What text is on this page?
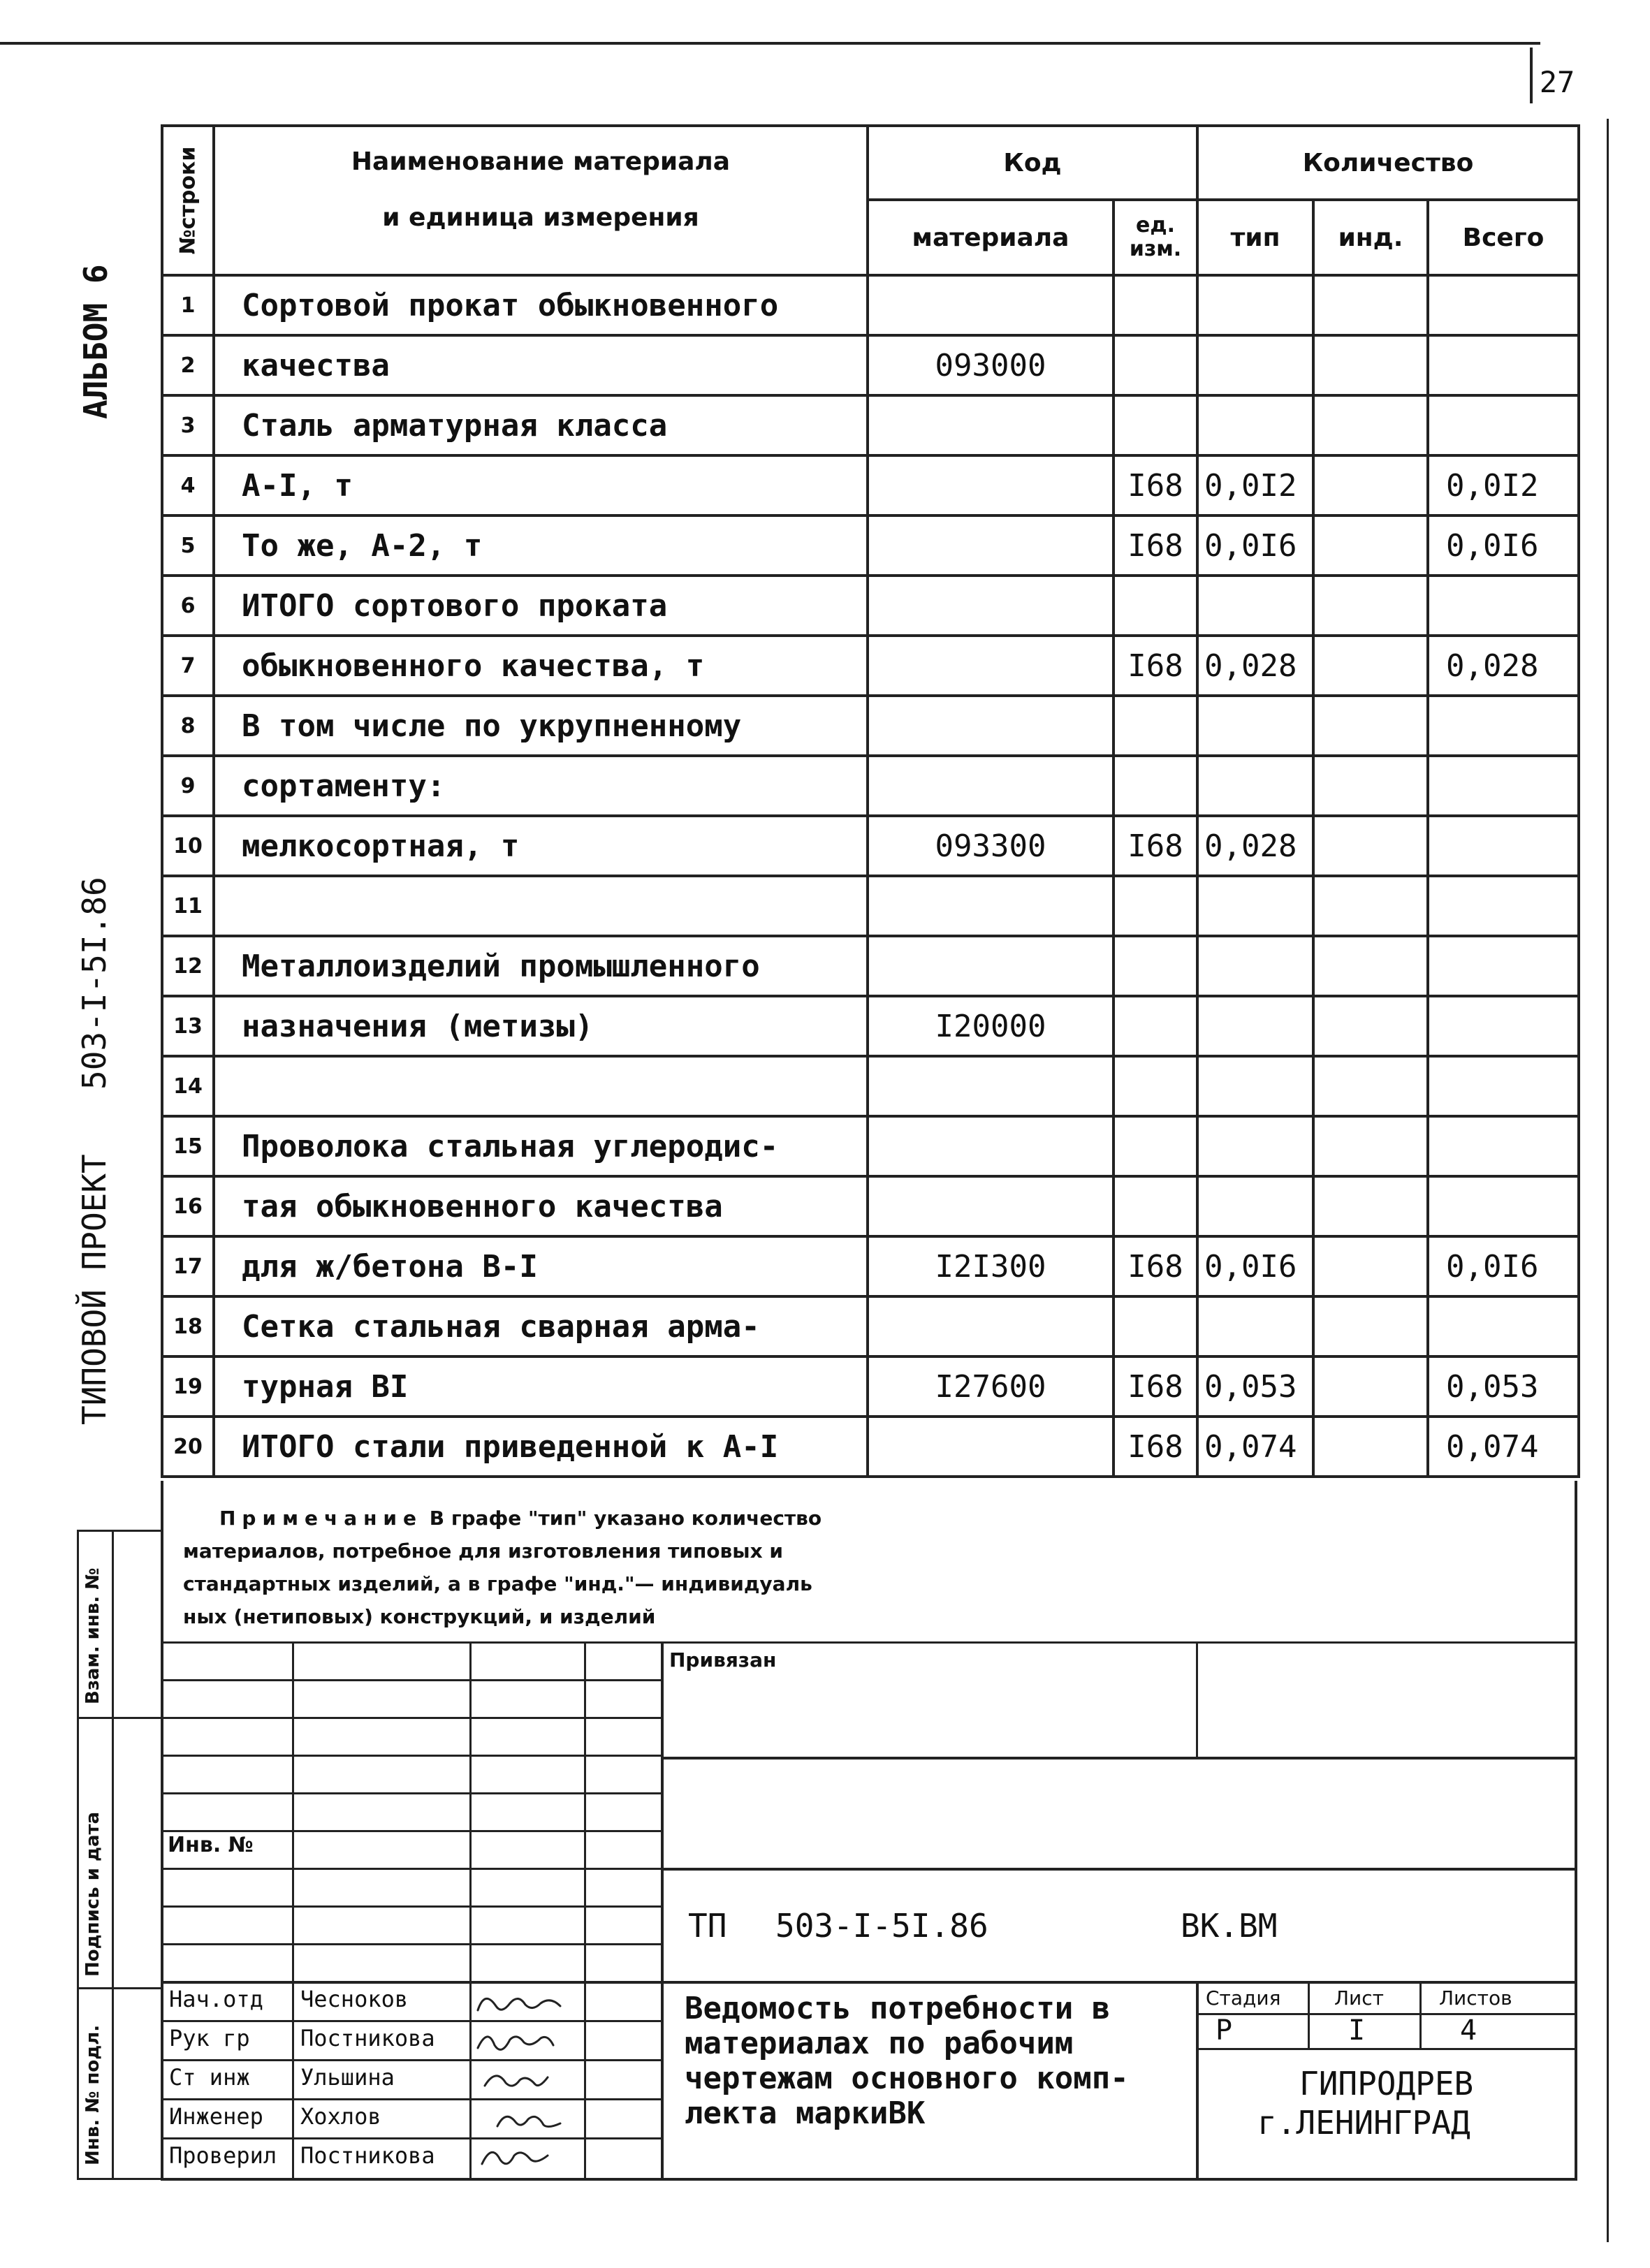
27
АЛЬБОМ 6
503-I-5I.86
ТИПОВОЙ ПРОЕКТ
№строки	Наименование материала
и единица измерения	Код		Количество		
		материала	ед. изм.	тип	инд.	Всего
1	Сортовой прокат обыкновенного					
2	качества	093000				
3	Сталь арматурная класса					
4	А-I, т		I68	0,0I2		0,0I2
5	То же, А-2, т		I68	0,0I6		0,0I6
6	ИТОГО сортового проката					
7	обыкновенного качества, т		I68	0,028		0,028
8	В том числе по укрупненному					
9	сортаменту:					
10	мелкосортная, т	093300	I68	0,028		
11						
12	Металлоизделий промышленного					
13	назначения (метизы)	I20000				
14						
15	Проволока стальная углеродис-					
16	тая обыкновенного качества					
17	для ж/бетона В-I	I2I300	I68	0,0I6		0,0I6
18	Сетка стальная сварная арма-					
19	турная ВI	I27600	I68	0,053		0,053
20	ИТОГО стали приведенной к А-I		I68	0,074		0,074
Примечание В графе "тип" указано количество
материалов, потребное для изготовления типовых и
стандартных изделий, а в графе "инд."— индивидуаль
ных (нетиповых) конструкций, и изделий
Взам. инв. №
Подпись и дата
Инв. № подл.
Инв. №
Нач.отд Чесноков
Рук гр Постникова
Ст инж Ульшина
Инженер Хохлов
Проверил Постникова
Привязан
ТП 503-I-5I.86	ВК.ВМ
Ведомость потребности в
материалах по рабочим
чертежам основного комп-
лекта маркиВК
Стадия	Лист	Листов
Р	I	4
ГИПРОДРЕВ
г.ЛЕНИНГРАД
